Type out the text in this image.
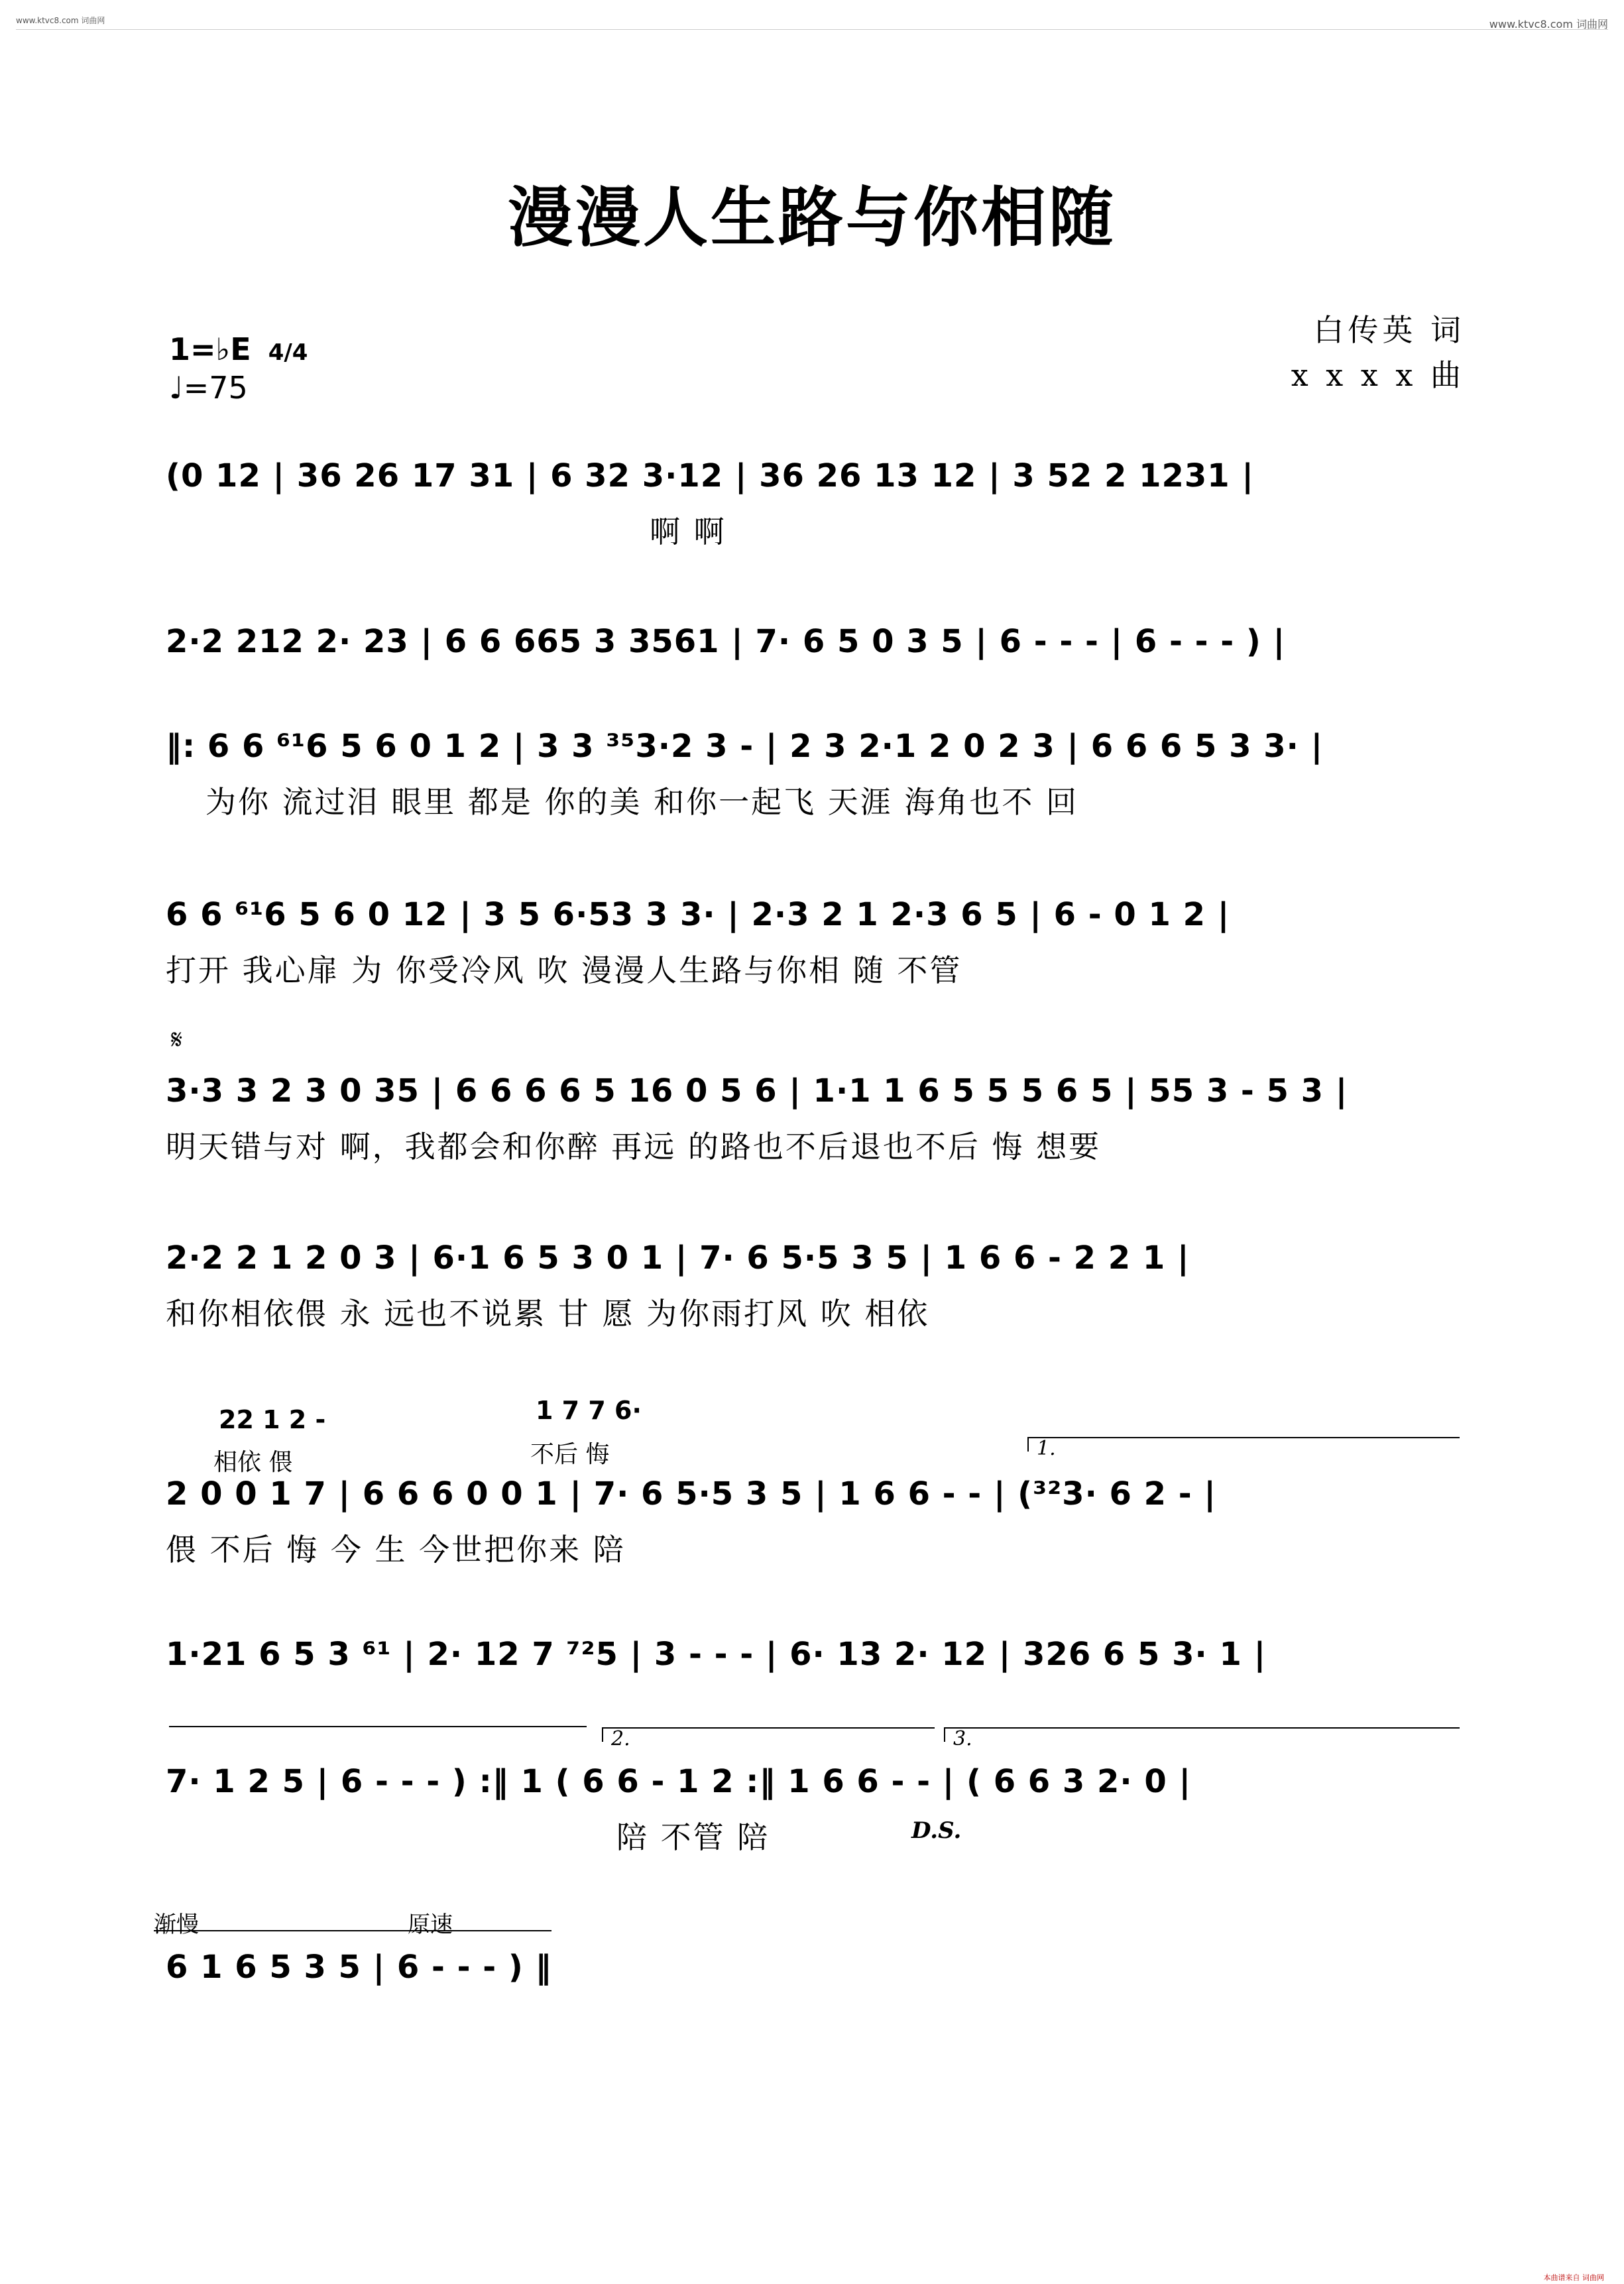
www.ktvc8.com 词曲网	www.ktvc8.com 词曲网
漫漫人生路与你相随
1=♭E 4/4
♩=75
白传英 词
x x x x 曲
(0 12 | 36 26 17 31 | 6 32 3·12 | 36 26 13 12 | 3 52 2 1231 |
啊 啊
2·2 212 2· 23 | 6 6 665 3 3561 | 7· 6 5 0 3 5 | 6 - - - | 6 - - - ) |
‖: 6 6 ⁶¹6 5 6 0 1 2 | 3 3 ³⁵3·2 3 - | 2 3 2·1 2 0 2 3 | 6 6 6 5 3 3· |
为你 流过泪 眼里 都是 你的美 和你一起飞 天涯 海角也不 回
6 6 ⁶¹6 5 6 0 12 | 3 5 6·53 3 3· | 2·3 2 1 2·3 6 5 | 6 - 0 1 2 |
打开 我心扉 为 你受冷风 吹 漫漫人生路与你相 随 不管
𝄋
3·3 3 2 3 0 35 | 6 6 6 6 5 16 0 5 6 | 1·1 1 6 5 5 5 6 5 | 55 3 - 5 3 |
明天错与对 啊，我都会和你醉 再远 的路也不后退也不后 悔 想要
2·2 2 1 2 0 3 | 6·1 6 5 3 0 1 | 7· 6 5·5 3 5 | 1 6 6 - 2 2 1 |
和你相依偎 永 远也不说累 甘 愿 为你雨打风 吹 相依
22 1 2 -
相依 偎
1 7 7 6·
不后 悔	1.
2 0 0 1 7 | 6 6 6 0 0 1 | 7· 6 5·5 3 5 | 1 6 6 - - | (³²3· 6 2 - |
偎 不后 悔 今 生 今世把你来 陪
1·21 6 5 3 ⁶¹ | 2· 12 7 ⁷²5 | 3 - - - | 6· 13 2· 12 | 326 6 5 3· 1 |
2.	3.
7· 1 2 5 | 6 - - - ) :‖ 1 ( 6 6 - 1 2 :‖ 1 6 6 - - | ( 6 6 3 2· 0 |
陪 不管 陪	D.S.
渐慢	原速
6 1 6 5 3 5 | 6 - - - ) ‖
本曲谱来自 词曲网
